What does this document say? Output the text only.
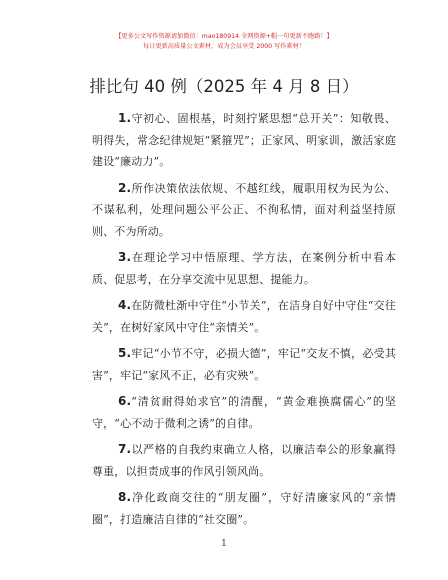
【更多公文写作资源请加微信：mao180914 全网资源+帽一句更新不跑路！】
每日更新高质量公文素材，成为会员享受 2000 写作素材！
排比句 40 例（2025 年 4 月 8 日）

1.守初心、固根基，时刻拧紧思想“总开关”：知敬畏、明得失，常念纪律规矩“紧箍咒”；正家风、明家训，激活家庭建设“廉动力”。

2.所作决策依法依规、不越红线，履职用权为民为公、不谋私利，处理问题公平公正、不徇私情，面对利益坚持原则、不为所动。

3.在理论学习中悟原理、学方法，在案例分析中看本质、促思考，在分享交流中见思想、提能力。

4.在防微杜渐中守住“小节关”，在洁身自好中守住“交往关”，在树好家风中守住“亲情关”。

5.牢记“小节不守，必损大德”，牢记“交友不慎，必受其害”，牢记“家风不正，必有灾殃”。

6.“清贫耐得始求官”的清醒，“黄金难换腐儒心”的坚守，“心不动于微利之诱”的自律。

7.以严格的自我约束确立人格，以廉洁奉公的形象赢得尊重，以担责成事的作风引领风尚。

8.净化政商交往的“朋友圈”，守好清廉家风的“亲情圈”，打造廉洁自律的“社交圈”。

1
